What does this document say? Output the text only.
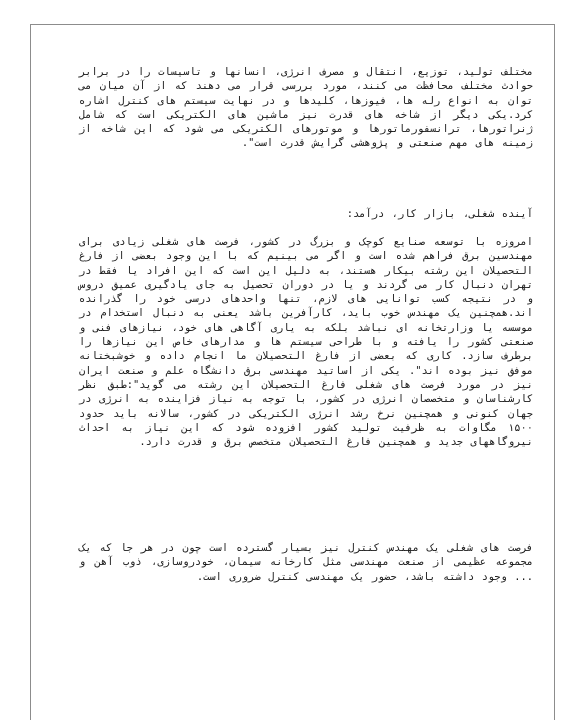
مختلف تولید، توزیع، انتقال و مصرف انرژی، انسانها و تاسیسات را در برابر حوادث مختلف محافظت می کنند، مورد بررسی قرار می دهند که از آن میان می توان به انواع رله ها، فیوزها، کلیدها و در نهایت سیستم های کنترل اشاره کرد.یکی دیگر از شاخه های قدرت نیز ماشین های الکتریکی است که شامل ژنراتورها، ترانسفورماتورها و موتورهای الکتریکی می شود که این شاخه از زمینه های مهم صنعتی و پژوهشی گرایش قدرت است".

آینده شغلی، بازار کار، درآمد:

امروزه با توسعه صنایع کوچک و بزرگ در کشور، فرصت های شغلی زیادی برای مهندسین برق فراهم شده است و اگر می بینیم که با این وجود بعضی از فارغ التحصیلان این رشته بیکار هستند، به دلیل این است که این افراد یا فقط در تهران دنبال کار می گردند و یا در دوران تحصیل به جای یادگیری عمیق دروس و در نتیجه کسب توانایی های لازم، تنها واحدهای درسی خود را گذرانده اند.همچنین یک مهندس خوب باید، کارآفرین باشد یعنی به دنبال استخدام در موسسه یا وزارتخانه ای نباشد بلکه به یاری آگاهی های خود، نیازهای فنی و صنعتی کشور را یافته و با طراحی سیستم ها و مدارهای خاص این نیازها را برطرف سازد. کاری که بعضی از فارغ التحصیلان ما انجام داده و خوشبختانه موفق نیز بوده اند". یکی از اساتید مهندسی برق دانشگاه علم و صنعت ایران نیز در مورد فرصت های شغلی فارغ التحصیلان این رشته می گوید":طبق نظر کارشناسان و متخصصان انرژی در کشور، با توجه به نیاز فزاینده به انرژی در جهان کنونی و همچنین نرخ رشد انرژی الکتریکی در کشور، سالانه باید حدود ۱۵۰۰ مگاوات به ظرفیت تولید کشور افزوده شود که این نیاز به احداث نیروگاههای جدید و همچنین فارغ التحصیلان متخصص برق و قدرت دارد.

فرصت های شغلی یک مهندس کنترل نیز بسیار گسترده است چون در هر جا که یک مجموعه عظیمی از صنعت مهندسی مثل کارخانه سیمان، خودروسازی، ذوب آهن و ... وجود داشته باشد، حضور یک مهندسی کنترل ضروری است.
